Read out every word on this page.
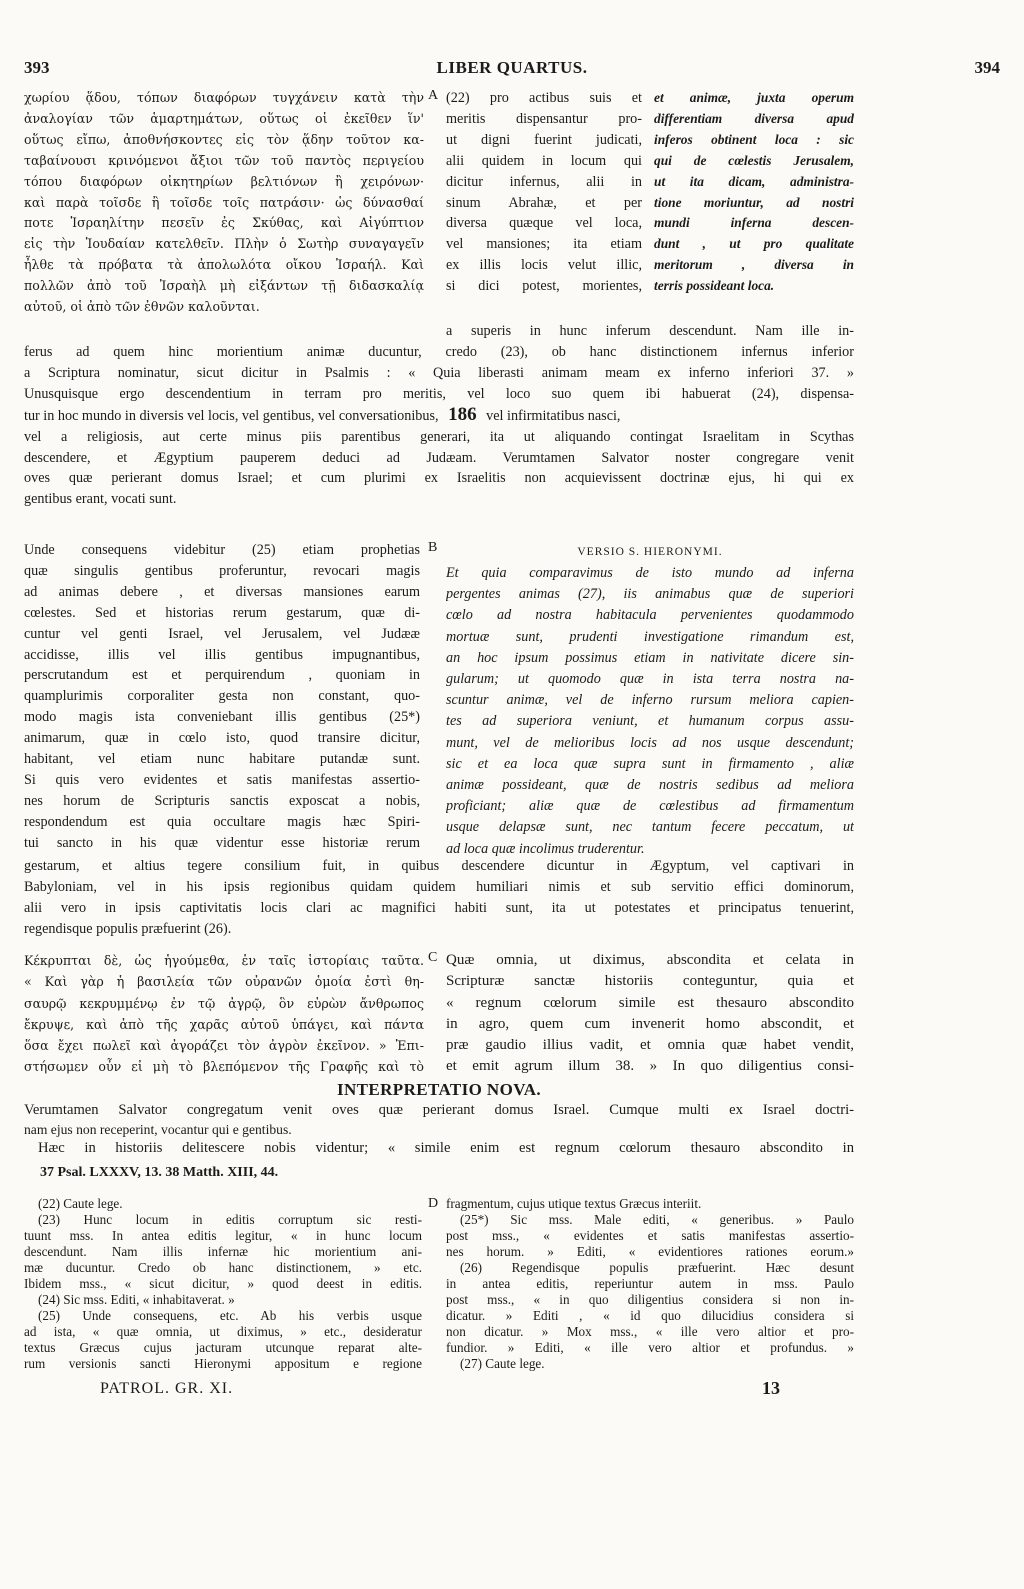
393	LIBER QUARTUS.	394
χωρίου ᾅδου, τόπων διαφόρων τυγχάνειν κατὰ τὴν
ἀναλογίαν τῶν ἁμαρτημάτων, οὕτως οἱ ἐκεῖθεν ἵν'
οὕτως εἴπω, ἀποθνήσκοντες εἰς τὸν ᾅδην τοῦτον κα-
ταβαίνουσι κρινόμενοι ἄξιοι τῶν τοῦ παντὸς περιγείου
τόπου διαφόρων οἰκητηρίων βελτιόνων ἢ χειρόνων·
καὶ παρὰ τοῖσδε ἢ τοῖσδε τοῖς πατράσιν· ὡς δύνασθαί
ποτε Ἰσραηλίτην πεσεῖν ἐς Σκύθας, καὶ Αἰγύπτιον
εἰς τὴν Ἰουδαίαν κατελθεῖν. Πλὴν ὁ Σωτὴρ συναγαγεῖν
ἦλθε τὰ πρόβατα τὰ ἀπολωλότα οἴκου Ἰσραήλ. Καὶ
πολλῶν ἀπὸ τοῦ Ἰσραὴλ μὴ εἰξάντων τῇ διδασκαλίᾳ
αὐτοῦ, οἱ ἀπὸ τῶν ἐθνῶν καλοῦνται.
A (22) pro actibus suis et
meritis dispensantur pro-
ut digni fuerint judicati,
alii quidem in locum qui
dicitur infernus, alii in
sinum Abrahæ, et per
diversa quæque vel loca,
vel mansiones; ita etiam
ex illis locis velut illic,
si dici potest, morientes,
et animæ, juxta operum
differentiam diversa apud
inferos obtinent loca : sic
qui de cœlestis Jerusalem,
ut ita dicam, administra-
tione moriuntur, ad nostri
mundi inferna descen-
dunt , ut pro qualitate
meritorum , diversa in
terris possideant loca.
a superis in hunc inferum descendunt. Nam ille in-
ferus ad quem hinc morientium animæ ducuntur, credo (23), ob hanc distinctionem infernus inferior
a Scriptura nominatur, sicut dicitur in Psalmis : « Quia liberasti animam meam ex inferno inferiori 37. »
Unusquisque ergo descendentium in terram pro meritis, vel loco suo quem ibi habuerat (24), dispensa-
tur in hoc mundo in diversis vel locis, vel gentibus, vel conversationibus, 186 vel infirmitatibus nasci,
vel a religiosis, aut certe minus piis parentibus generari, ita ut aliquando contingat Israelitam in Scythas
descendere, et Ægyptium pauperem deduci ad Judæam. Verumtamen Salvator noster congregare venit
oves quæ perierant domus Israel; et cum plurimi ex Israelitis non acquievissent doctrinæ ejus, hi qui ex
gentibus erant, vocati sunt.
Unde consequens videbitur (25) etiam prophetias
quæ singulis gentibus proferuntur, revocari magis
ad animas debere , et diversas mansiones earum
cœlestes. Sed et historias rerum gestarum, quæ di-
cuntur vel genti Israel, vel Jerusalem, vel Judææ
accidisse, illis vel illis gentibus impugnantibus,
perscrutandum est et perquirendum , quoniam in
quamplurimis corporaliter gesta non constant, quo-
modo magis ista conveniebant illis gentibus (25*)
animarum, quæ in cœlo isto, quod transire dicitur,
habitant, vel etiam nunc habitare putandæ sunt.
Si quis vero evidentes et satis manifestas assertio-
nes horum de Scripturis sanctis exposcat a nobis,
respondendum est quia occultare magis hæc Spiri-
tui sancto in his quæ videntur esse historiæ rerum
B	VERSIO S. HIERONYMI.
Et quia comparavimus de isto mundo ad inferna
pergentes animas (27), iis animabus quæ de superiori
cœlo ad nostra habitacula pervenientes quodammodo
mortuæ sunt, prudenti investigatione rimandum est,
an hoc ipsum possimus etiam in nativitate dicere sin-
gularum; ut quomodo quæ in ista terra nostra na-
scuntur animæ, vel de inferno rursum meliora capien-
tes ad superiora veniunt, et humanum corpus assu-
munt, vel de melioribus locis ad nos usque descendunt;
sic et ea loca quæ supra sunt in firmamento , aliæ
animæ possideant, quæ de nostris sedibus ad meliora
proficiant; aliæ quæ de cœlestibus ad firmamentum
usque delapsæ sunt, nec tantum fecere peccatum, ut
ad loca quæ incolimus truderentur.
gestarum, et altius tegere consilium fuit, in quibus descendere dicuntur in Ægyptum, vel captivari in
Babyloniam, vel in his ipsis regionibus quidam quidem humiliari nimis et sub servitio effici dominorum,
alii vero in ipsis captivitatis locis clari ac magnifici habiti sunt, ita ut potestates et principatus tenuerint,
regendisque populis præfuerint (26).
Κέκρυπται δὲ, ὡς ἡγούμεθα, ἐν ταῖς ἱστορίαις ταῦτα.
« Καὶ γὰρ ἡ βασιλεία τῶν οὐρανῶν ὁμοία ἐστὶ θη-
σαυρῷ κεκρυμμένῳ ἐν τῷ ἀγρῷ, ὃν εὑρὼν ἄνθρωπος
ἔκρυψε, καὶ ἀπὸ τῆς χαρᾶς αὐτοῦ ὑπάγει, καὶ πάντα
ὅσα ἔχει πωλεῖ καὶ ἀγοράζει τὸν ἀγρὸν ἐκεῖνον. » Ἐπι-
στήσωμεν οὖν εἰ μὴ τὸ βλεπόμενον τῆς Γραφῆς καὶ τὸ
C Quæ omnia, ut diximus, abscondita et celata in
Scripturæ sanctæ historiis conteguntur, quia et
« regnum cœlorum simile est thesauro abscondito
in agro, quem cum invenerit homo abscondit, et
præ gaudio illius vadit, et omnia quæ habet vendit,
et emit agrum illum 38. » In quo diligentius consi-
INTERPRETATIO NOVA.
Verumtamen Salvator congregatum venit oves quæ perierant domus Israel. Cumque multi ex Israel doctri-
nam ejus non receperint, vocantur qui e gentibus.
Hæc in historiis delitescere nobis videntur; « simile enim est regnum cœlorum thesauro abscondito in
37 Psal. LXXXV, 13. 38 Matth. XIII, 44.
(22) Caute lege.
(23) Hunc locum in editis corruptum sic resti-
tuunt mss. In antea editis legitur, « in hunc locum
descendunt. Nam illis infernæ hic morientium ani-
mæ ducuntur. Credo ob hanc distinctionem, » etc.
Ibidem mss., « sicut dicitur, » quod deest in editis.
(24) Sic mss. Editi, « inhabitaverat. »
(25) Unde consequens, etc. Ab his verbis usque
ad ista, « quæ omnia, ut diximus, » etc., desideratur
textus Græcus cujus jacturam utcunque reparat alte-
rum versionis sancti Hieronymi appositum e regione
D fragmentum, cujus utique textus Græcus interiit.
(25*) Sic mss. Male editi, « generibus. » Paulo
post mss., « evidentes et satis manifestas assertio-
nes horum. » Editi, « evidentiores rationes eorum.»
(26) Regendisque populis præfuerint. Hæc desunt
in antea editis, reperiuntur autem in mss. Paulo
post mss., « in quo diligentius considera si non in-
dicatur. » Editi , « id quo dilucidius considera si
non dicatur. » Mox mss., « ille vero altior et pro-
fundior. » Editi, « ille vero altior et profundus. »
(27) Caute lege.
PATROL. GR. XI.	13
